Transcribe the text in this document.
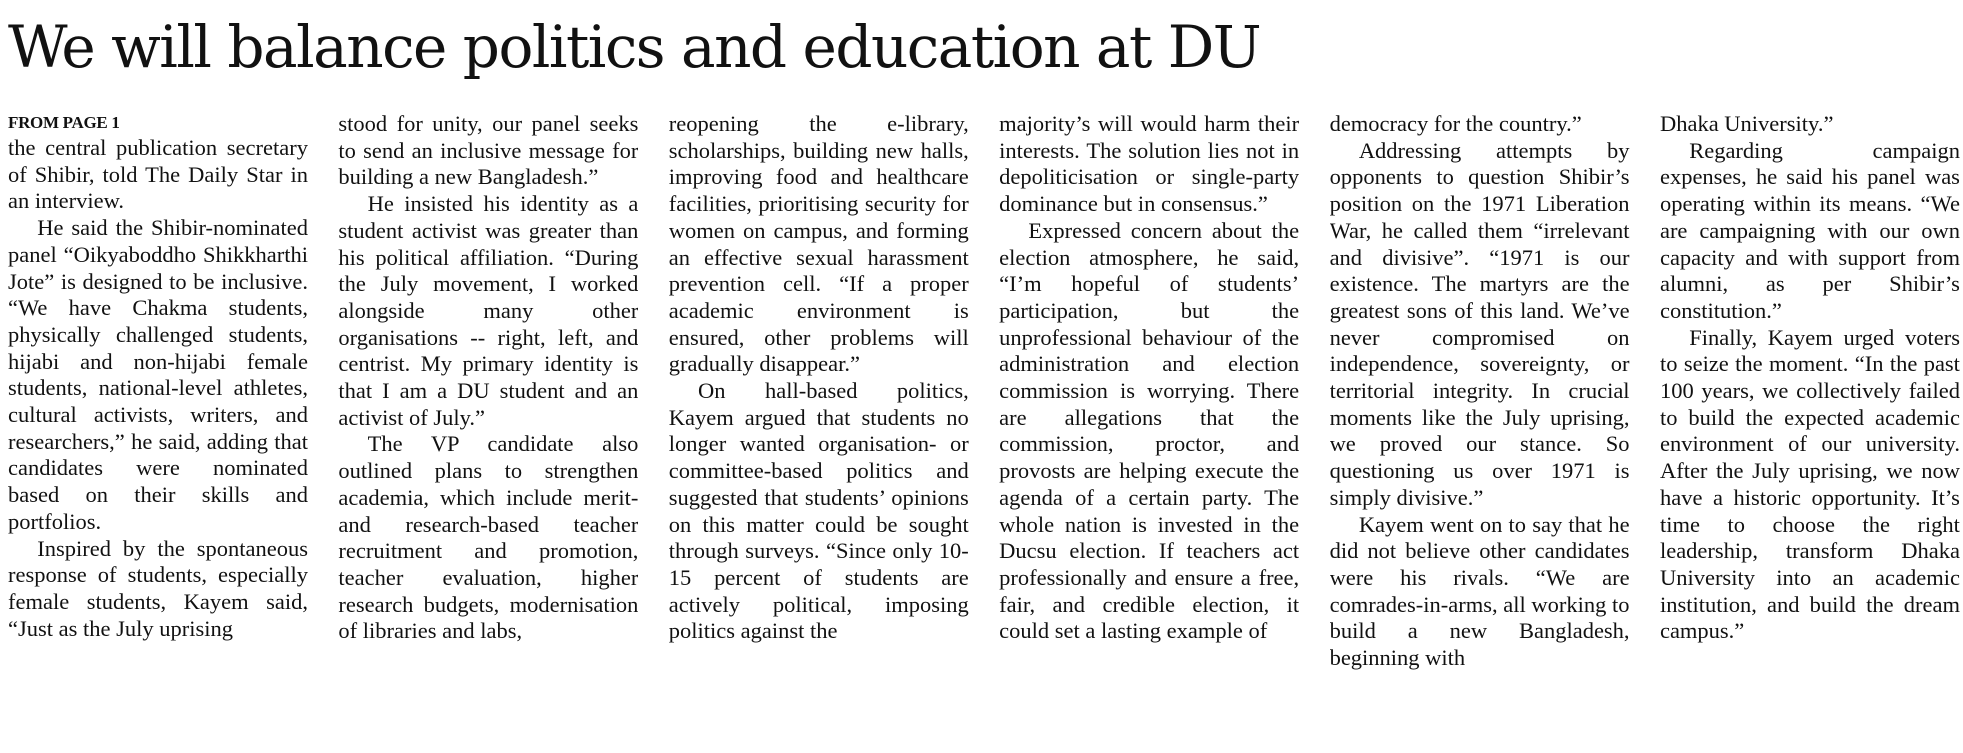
We will balance politics and education at DU
FROM PAGE 1

the central publication secretary of Shibir, told The Daily Star in an interview.

He said the Shibir-nominated panel “Oikyaboddho Shikkharthi Jote” is designed to be inclusive. “We have Chakma students, physically challenged students, hijabi and non-hijabi female students, national-level athletes, cultural activists, writers, and researchers,” he said, adding that candidates were nominated based on their skills and portfolios.

Inspired by the spontaneous response of students, especially female students, Kayem said, “Just as the July uprising

stood for unity, our panel seeks to send an inclusive message for building a new Bangladesh.”

He insisted his identity as a student activist was greater than his political affiliation. “During the July movement, I worked alongside many other organisations -- right, left, and centrist. My primary identity is that I am a DU student and an activist of July.”

The VP candidate also outlined plans to strengthen academia, which include merit- and research-based teacher recruitment and promotion, teacher evaluation, higher research budgets, modernisation of libraries and labs,

reopening the e-library, scholarships, building new halls, improving food and healthcare facilities, prioritising security for women on campus, and forming an effective sexual harassment prevention cell. “If a proper academic environment is ensured, other problems will gradually disappear.”

On hall-based politics, Kayem argued that students no longer wanted organisation- or committee-based politics and suggested that students’ opinions on this matter could be sought through surveys. “Since only 10-15 percent of students are actively political, imposing politics against the

majority’s will would harm their interests. The solution lies not in depoliticisation or single-party dominance but in consensus.”

Expressed concern about the election atmosphere, he said, “I’m hopeful of students’ participation, but the unprofessional behaviour of the administration and election commission is worrying. There are allegations that the commission, proctor, and provosts are helping execute the agenda of a certain party. The whole nation is invested in the Ducsu election. If teachers act professionally and ensure a free, fair, and credible election, it could set a lasting example of

democracy for the country.”

Addressing attempts by opponents to question Shibir’s position on the 1971 Liberation War, he called them “irrelevant and divisive”. “1971 is our existence. The martyrs are the greatest sons of this land. We’ve never compromised on independence, sovereignty, or territorial integrity. In crucial moments like the July uprising, we proved our stance. So questioning us over 1971 is simply divisive.”

Kayem went on to say that he did not believe other candidates were his rivals. “We are comrades-in-arms, all working to build a new Bangladesh, beginning with

Dhaka University.”

Regarding campaign expenses, he said his panel was operating within its means. “We are campaigning with our own capacity and with support from alumni, as per Shibir’s constitution.”

Finally, Kayem urged voters to seize the moment. “In the past 100 years, we collectively failed to build the expected academic environment of our university. After the July uprising, we now have a historic opportunity. It’s time to choose the right leadership, transform Dhaka University into an academic institution, and build the dream campus.”
